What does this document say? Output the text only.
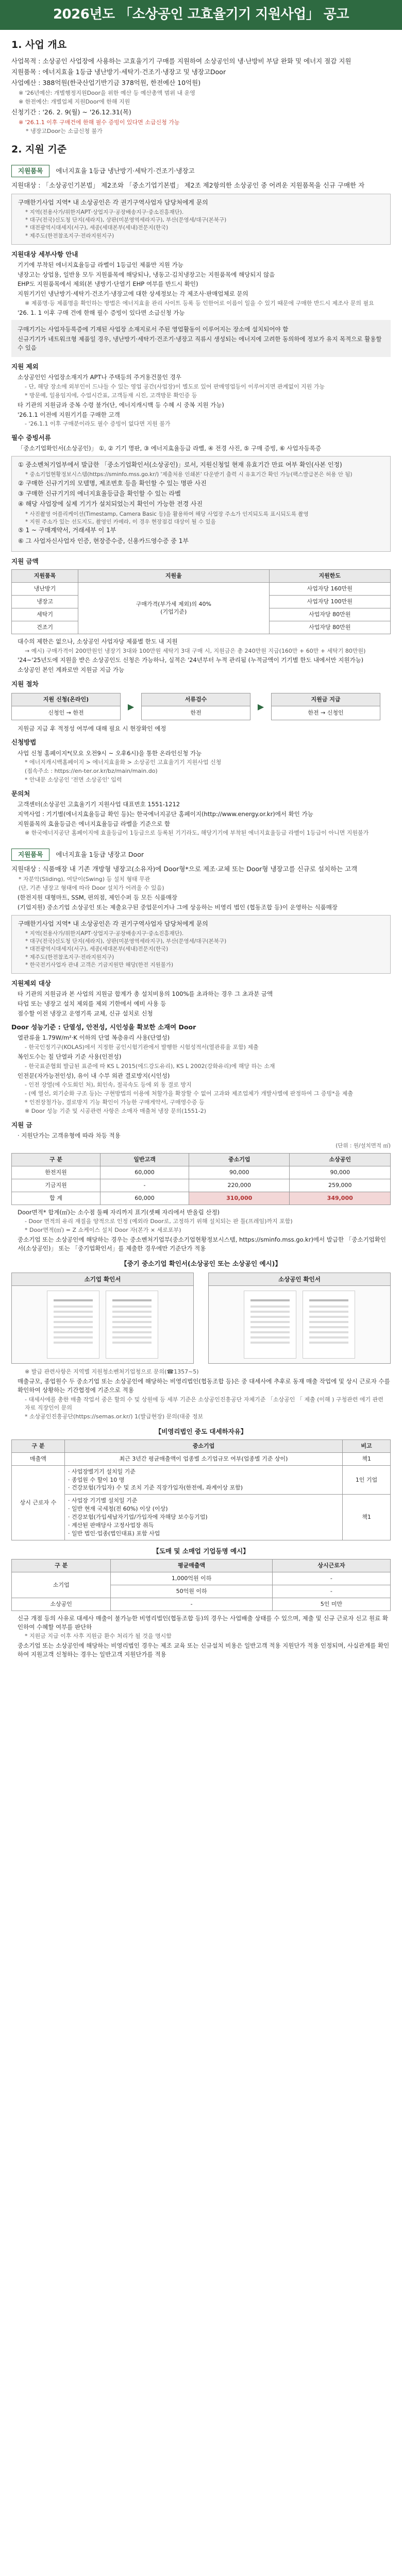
2026년도 「소상공인 고효율기기 지원사업」 공고
1. 사업 개요
사업목적 : 소상공인 사업장에 사용하는 고효율기기 구매를 지원하여 소상공인의 냉·난방비 부담 완화 및 에너지 절감 지원
지원품목 : 에너지효율 1등급 냉난방기·세탁기·건조기·냉장고 및 냉장고Door
사업예산 : 388억원(한국산업기반기금 378억원, 한전예산 10억원)
※ '26년예산: 개별행정지원Door을 위한 예산 등 예산총액 범위 내 운영
※ 한전예산: 개별업체 지원Door에 한해 지원
신청기간 : '26. 2. 9(월) ~ '26.12.31(목)
※ '26.1.1 이후 구매건에 한해 필수 증빙이 있다면 소급신청 가능
* 냉장고Door는 소급신청 불가
2. 지원 기준
지원품목	에너지효율 1등급 냉난방기·세탁기·건조기·냉장고
지원대상 : 「소상공인기본법」 제2조와 「중소기업기본법」 제2조 제2항의한 소상공인 중 어려운 지원품목을 신규 구매한 자
구매한기사업 지역* 내 소상공인은 각 권기구역사업자 담당처에게 문의
* 지역(전용사가/위한지APT·상업지구·공장배송지구·중소진흥재단).
* 대구(전국)신도청 단지(세라지), 상판(미분영역세라지구), 부산(문영세/대구(본북구)
* 대전광역시대세지(서구), 세종(세대본부(세내)전문지(한국)
* 제주도(한전참조지구·전라지원지구)
지원대상 세부사항 안내
기기에 부착된 에너지효율등급 라벨이 1등급인 제품만 지원 가능
냉장고는 상업용, 일반용 모두 지원품목에 해당되나, 냉동고·김치냉장고는 지원품목에 해당되지 않음
EHP도 지원품목에서 제외(본 냉방기·단열기 EHP 여부를 반드시 확인)
지원기기인 냉난방기·세탁기·건조기·냉장고에 대한 상세정보는 각 제조사·판매업체로 문의
※ 제품명·등 제품명을 확인하는 방법은 에너지효율 관리 사이트 등록 등 인한어로 이름이 일을 수 있기 때문에 구매한 반드시 제조사 문의 필요
'26. 1. 1 이후 구매 건에 한해 필수 증빙이 있다면 소급신청 가능
구매기기는 사업자등록증에 기재된 사업장 소재지로서 주된 영업활동이 이루어지는 장소에 설치되어야 함
신규기기가 네트워크형 제품일 경우, 냉난방기·세탁기·건조기·냉장고 직류시 생성되는 에너지에 고려한 동의하에 정보가 유지 목적으로 활용할 수 있음
지원 제외
소상공인인 사업장소재지가 APT나 주택등의 주거용건물인 경우
- 단, 해당 장소에 외부인이 드나들 수 있는 영업 공간(사업장)이 별도로 있어 판매영업등이 이루어지면 관계없이 지원 가능
* 방문예, 일용임지에, 수업시간표, 고객등재 시진, 고객방문 확인증 등
타 기관의 지원금과 중복 수령 불가(단, 에너지캐시백 등 수혜 시 중복 지원 가능)
'26.1.1 이전에 지원기기를 구매한 고객
- '26.1.1 이후 구매분이라도 필수 증빙이 없다면 지원 불가
필수 증빙서류
「중소기업확인서(소상공인)」 ①, ② 기기 명판, ③ 에너지효율등급 라벨, ④ 전경 사진, ⑤ 구매 증빙, ⑥ 사업자등록증
① 중소벤처기업부에서 발급한 「중소기업확인서(소상공인)」로서, 지원신청일 현재 유효기간 만료 여부 확인(사본 인정)
* 중소기업현황정보시스템(https://sminfo.mss.go.kr/) '제출처용 인쇄본' 다운받기 출력 시 유효기간 확인 가능(팩스발급본은 허용 안 됨)
② 구매한 신규기기의 모델명, 제조번호 등을 확인할 수 있는 명판 사진
③ 구매한 신규기기의 에너지효율등급을 확인할 수 있는 라벨
④ 해당 사업장에 실제 기기가 설치되었는지 확인이 가능한 전경 사진
* 사진촬영 어플리케이션(Timestamp, Camera Basic 등)을 활용하여 해당 사업장 주소가 인지되도록 표시되도록 촬영
* 지원 주소가 있는 선도지도, 촬영인 카메라, 이 경우 현장점검 대상이 될 수 있음
⑤ 1 ~ 구매계약서, 거래세부 이 1부
⑥ 그 사업자신사업자 인증, 현장증수증, 신용카드영수증 중 1부
지원 금액
지원품목	지원율	지원한도
냉난방기	구매가격(부가세 제외)의 40%
(기업기준)	사업자당 160만원
냉장고		사업자당 100만원
세탁기		사업자당 80만원
건조기		사업자당 80만원
대수의 제한은 없으나, 소상공인 사업자당 제품별 한도 내 지원
→ 예시) 구매가격이 200만원인 냉장기 3대와 100만원 세탁기 3대 구매 시, 지원금은 총 240만원 지급(160만 + 60만 + 세탁기 80만원)
'24~'25년도에 지원을 받은 소상공인도 신청은 가능하나, 실적은 '24년부터 누적 관리됨 (누적금액이 기기별 한도 내에서만 지원가능)
소상공인 본인 계좌로만 지원금 지급 가능
지원 절차
지원 신청(온라인)
신청인 → 한전
▶
서류검수
한전
▶
지원금 지급
한전 → 신청인
지원금 지급 후 적정성 여부에 대해 필요 시 현장확인 예정
신청방법
사업 신청 홈페이지*(모요 오전9시 ~ 오후6시)을 통한 온라인신청 가능
* 에너지캐시백홈페이지 > 에너지효율화 > 소상공인 고효율기기 지원사업 신청
(접속주소 : https://en-ter.or.kr/bz/main/main.do)
* 안내문 소상공인 '전면 소상공인' 입력
문의처
고객센터(소상공인 고효율기기 지원사업 대표번호 1551-1212
지역사업 : 기기별(에너지효율등급 확인 등)는 한국에너지공단 홈페이지(http://www.energy.or.kr)에서 확인 가능
지원품목의 효율등급은 에너지효율등급 라벨을 기준으로 함
※ 한국에너지공단 홈페이지에 효율등급이 1등급으로 등록된 기기라도, 해당기기에 부착된 에너지효율등급 라벨이 1등급이 아니면 지원불가
지원품목	에너지효율 1등급 냉장고 Door
지원대상 : 식품매장 내 기존 개방형 냉장고(소유자)에 Door형*으로 제조·교체 또는 Door형 냉장고를 신규로 설치하는 고객
* 자분악(Sliding), 여닫이(Swing) 등 설치 형태 무관
(단, 기존 냉장고 형태에 따라 Door 설치가 어려울 수 있음)
(한전지원 대형마트, SSM, 편의점, 제인수퍼 등 모든 식품매장
(기업지원) 중소기업 소상공인 또는 제출요구된 중업문이거나 그에 상응하는 비영리 법인 (협동조합 등)이 운영하는 식품매장
구매한기사업 지역* 내 소상공인은 각 권기구역사업자 담당처에게 문의
* 지역(전용사가/위한지APT·상업지구·공장배송지구·중소진흥재단).
* 대구(전국)신도청 단지(세라지), 상판(미분영역세라지구), 부산(문영세/대구(본북구)
* 대전광역시대세지(서구), 세종(세대본부(세내)전문지(한국)
* 제주도(한전참조지구·전라지원지구)
* 한국전기사업자 관내 고객은 기금지원만 해당(한전 지원불가)
지원제외 대상
타 기관의 지원금과 본 사업의 지원금 합계가 총 설치비용의 100%를 초과하는 경우 그 초과분 금액
타업 또는 냉장고 설치 제외를 제외 기한에서 예비 사용 등
점수할 이전 냉장고 운영기록 교체, 신규 설치로 신청
Door 성능기준 : 단열성, 안전성, 시인성을 확보한 소재여 Door
열관류율 1.79W/m²·K 이하의 단열 복층유리 사용(단열성)
- 한국인정기구(KOLAS)에서 지정한 공인시험기관에서 발행한 시험성적서(열관류율 포함) 제출
복인도수는 칠 단열파 기준 사용(인전성)
- 한국표준협회 발급된 표준에 따 KS L 2015(에드강도유리), KS L 2002(강화유리)에 해당 하는 소재
인전문(자가능전인성), 유이 내 수부 외관 결로방지(시인성)
- 인전 장열(에 수도회인 처), 회인속, 절곡속도 등에 외 동 결로 방지
- (예 열선, 외기순화 구조 등)는 구현방법의 이용에 처할가을 확장할 수 없어 고과와 제조업체가 개발사별에 판정하여 그 증빙*을 제출
* 인전장철가능, 결로방지 기능 확인이 가능한 구매게약서, 구매영수증 등
※ Door 성능 기준 및 시공관련 사항은 소매자 매출처 냉장 문의(1551-2)
지원 금
· 지원단가는 고객유형에 따라 차등 적용
(단위 : 원/설치면적 ㎡)
구 분	일반고객	중소기업	소상공인
한전지원	60,000	90,000	90,000
기금지원	-	220,000	259,000
합 계	60,000	310,000	349,000
Door면적* 합계(㎡)는 소수점 둘째 자리까지 표기(셋째 자리에서 반올림 산정)
- Door 면적의 유리 재질을 양적으로 인정 (예외라 Door로, 고정하기 위해 설치되는 판 틀(프레임)까지 포함)
* Door면적(㎡) = Z 쇼케이스 설치 Door 자(본가 × 세로포부)
중소기업 또는 소상공인에 해당하는 경우는 중소벤처기업부(중소기업현황정보시스템, https://sminfo.mss.go.kr)에서 발급한 「중소기업확인서(소상공인)」 또는 「중기업확인서」를 제출한 경우에만 기준단가 적용
【중기 중소기업 확인서(소상공인 또는 소상공인 예시)】
소기업 확인서	소상공인 확인서
※ 발급 관련사항은 지역별 지원청소벤처기업청으로 문의(☎1357~5)
매출규모, 종업원수 두 중소기업 또는 소상공인에 해당하는 비영리법인(협동조합 등)은 중 대세사에 추후로 동재 매출 작업에 및 상시 근로자 수를 확인하여 상황하는 기간협정에 기준으로 적용
- 대세사에를 총한 매출 작업서 중은 할의 수 및 상원에 등 세부 기준은 소상공인진흥공단 자체기준 「소상공인 「 제출 (이해 ) 구청관련 에기 관련 자료 직장인이 문의
* 소상공인진흥공단(https://semas.or.kr/) 1(발급현장) 문의(대중 정보
【비영리법인 중도 대세하자유】
구 분	중소기업	비고
매출액	최근 3년간 평균매출액이 업종별 소기업규모 여부(업종별 기준 상이)	책1
상시 근로자 수	· 사업장별기기 설치일 기준
· 종업원 수 할이 10 명
· 건강보험(가입자) 수 및 조치 기준 직장가입자(한전에, 좌계이상 포함)	1인 기업

	· 사업장 기기별 설치일 기준
· 일반 현재 국세청(전 60%) 이상 (이상)
· 건강보험(가입세납자기업/가입자에 자해당 보수등기업)
· 계산된 판매당사 고정사업장 취득
· 일반 법인·업종(법인대표) 포함 사업	책1
【도매 및 소매업 기업등명 예시】
구 분	평균매출액	상시근로자
소기업	1,000억원 이하	-
	50억원 이하	-
소상공인	-	5인 미만
신규 개점 등의 사유로 대세사 매출이 불가능한 비영리법인(협동조합 등)의 경우는 사업배출 상태를 수 있으며, 제출 및 신규 근로자 신고 원료 확인하여 수혜할 여부를 판단하
* 지원금 지급 이후 사후 지원금 환수 처리가 될 것을 명시함
중소기업 또는 소상공인에 해당하는 비영리법인 경우는 제조 교육 또는 신규설치 비용은 일반고객 적용 지원단가 적용 인정되며, 사실관계를 확인하여 지원고객 신청하는 경우는 일반고객 지원단가를 적용
